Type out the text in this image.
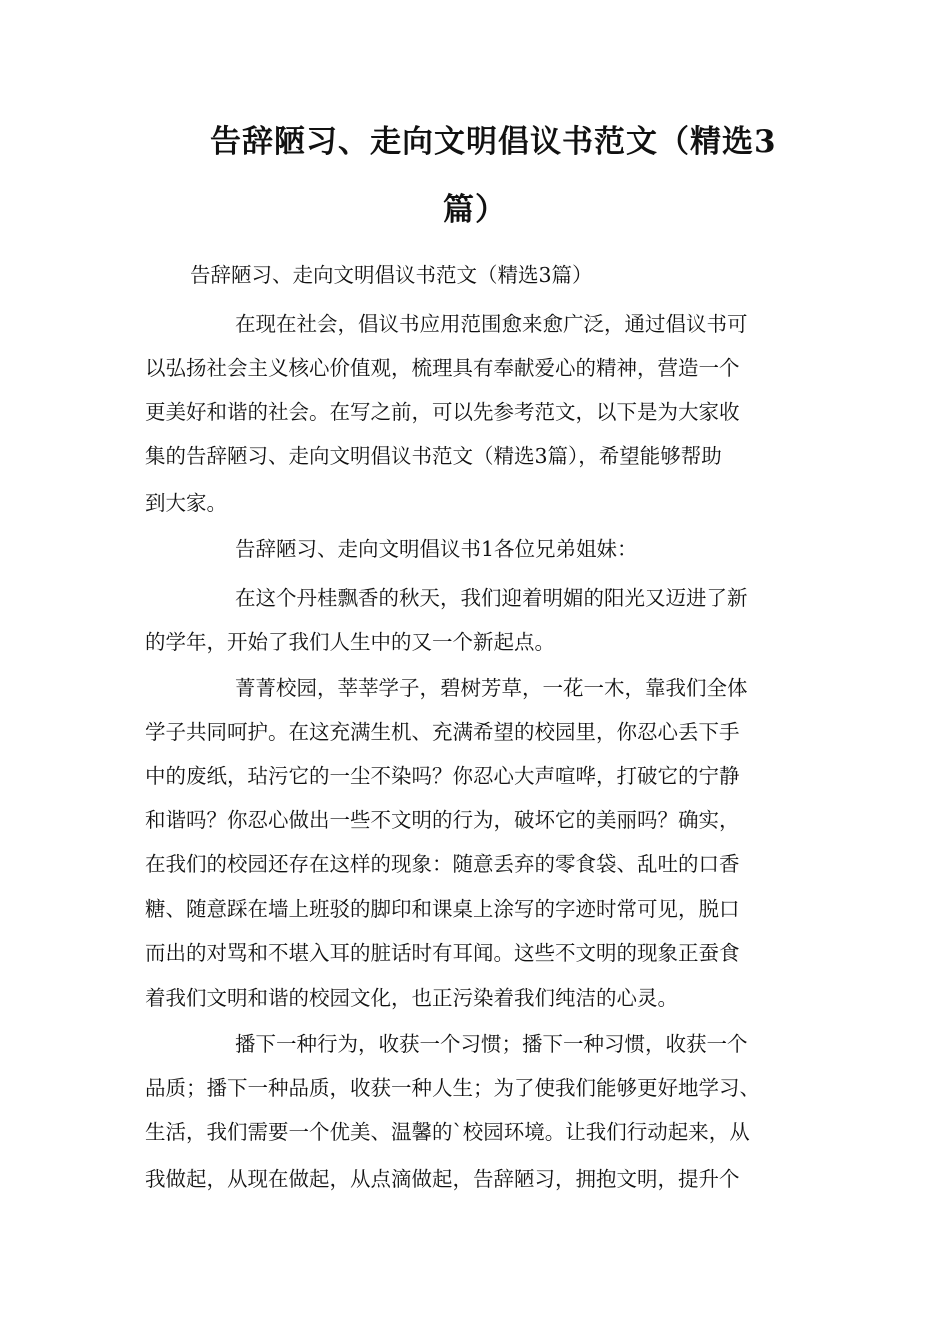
告辞陋习、走向文明倡议书范文（精选3
篇）
告辞陋习、走向文明倡议书范文（精选3篇）
在现在社会，倡议书应用范围愈来愈广泛，通过倡议书可
以弘扬社会主义核心价值观，梳理具有奉献爱心的精神，营造一个
更美好和谐的社会。在写之前，可以先参考范文，以下是为大家收
集的告辞陋习、走向文明倡议书范文（精选3篇），希望能够帮助
到大家。
告辞陋习、走向文明倡议书1各位兄弟姐妹：
在这个丹桂飘香的秋天，我们迎着明媚的阳光又迈进了新
的学年，开始了我们人生中的又一个新起点。
菁菁校园，莘莘学子，碧树芳草，一花一木，靠我们全体
学子共同呵护。在这充满生机、充满希望的校园里，你忍心丢下手
中的废纸，玷污它的一尘不染吗？你忍心大声喧哗，打破它的宁静
和谐吗？你忍心做出一些不文明的行为，破坏它的美丽吗？确实，
在我们的校园还存在这样的现象：随意丢弃的零食袋、乱吐的口香
糖、随意踩在墙上班驳的脚印和课桌上涂写的字迹时常可见，脱口
而出的对骂和不堪入耳的脏话时有耳闻。这些不文明的现象正蚕食
着我们文明和谐的校园文化，也正污染着我们纯洁的心灵。
播下一种行为，收获一个习惯；播下一种习惯，收获一个
品质；播下一种品质，收获一种人生；为了使我们能够更好地学习、
生活，我们需要一个优美、温馨的`校园环境。让我们行动起来，从
我做起，从现在做起，从点滴做起，告辞陋习，拥抱文明，提升个
